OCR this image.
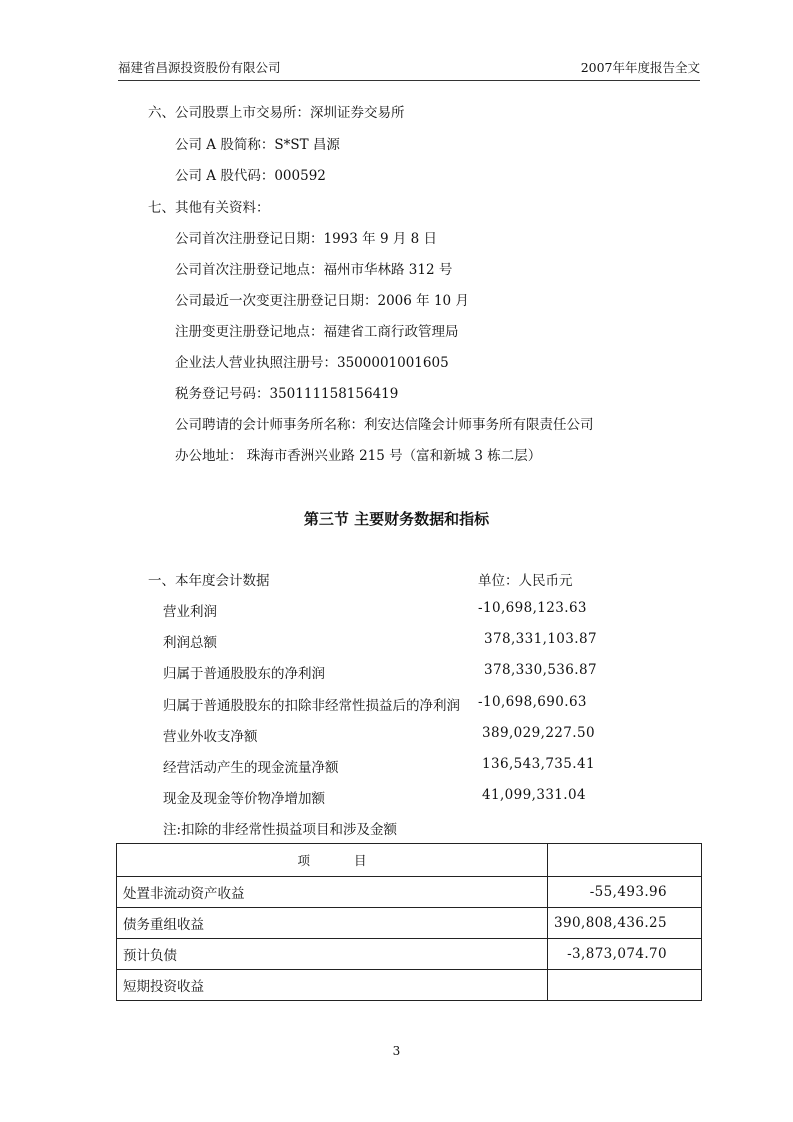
福建省昌源投资股份有限公司	2007年年度报告全文
六、公司股票上市交易所：深圳证券交易所
公司 A 股简称：S*ST 昌源
公司 A 股代码：000592
七、其他有关资料：
公司首次注册登记日期：1993 年 9 月 8 日
公司首次注册登记地点：福州市华林路 312 号
公司最近一次变更注册登记日期：2006 年 10 月
注册变更注册登记地点：福建省工商行政管理局
企业法人营业执照注册号：3500001001605
税务登记号码：350111158156419
公司聘请的会计师事务所名称：利安达信隆会计师事务所有限责任公司
办公地址： 珠海市香洲兴业路 215 号（富和新城 3 栋二层）
第三节 主要财务数据和指标
一、本年度会计数据	单位：人民币元
营业利润	-10,698,123.63
利润总额	378,331,103.87
归属于普通股股东的净利润	378,330,536.87
归属于普通股股东的扣除非经常性损益后的净利润 -10,698,690.63
营业外收支净额	389,029,227.50
经营活动产生的现金流量净额	136,543,735.41
现金及现金等价物净增加额	41,099,331.04
注:扣除的非经常性损益项目和涉及金额
项 目	
处置非流动资产收益	-55,493.96
债务重组收益	390,808,436.25
预计负债	-3,873,074.70
短期投资收益	
3
